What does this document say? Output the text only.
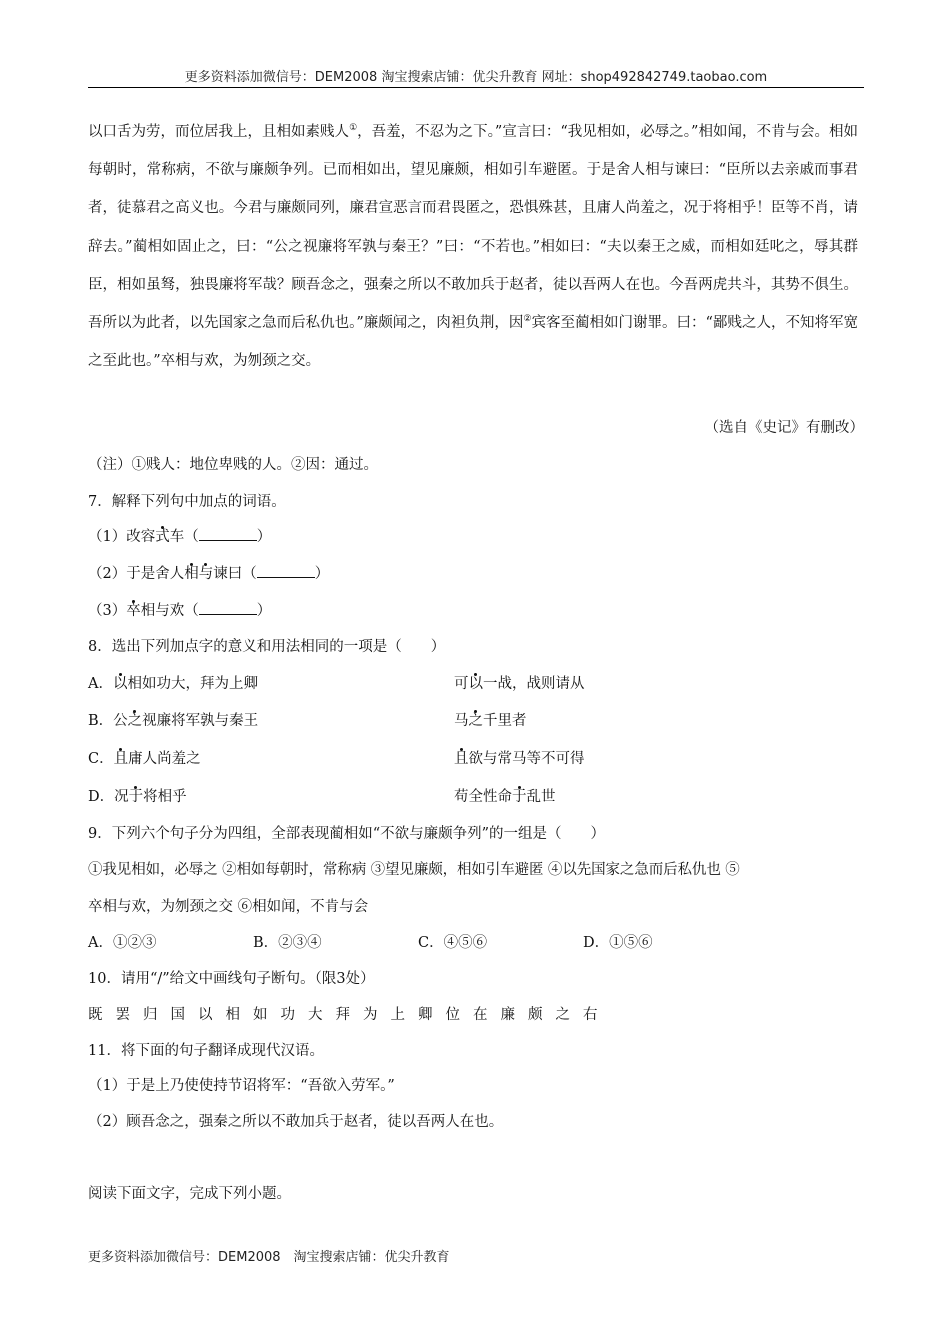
更多资料添加微信号：DEM2008 淘宝搜索店铺：优尖升教育 网址：shop492842749.taobao.com

以口舌为劳，而位居我上，且相如素贱人①，吾羞，不忍为之下。”宣言曰：“我见相如，必辱之。”相如闻，不肯与会。相如每朝时，常称病，不欲与廉颇争列。已而相如出，望见廉颇，相如引车避匿。于是舍人相与谏曰：“臣所以去亲戚而事君者，徒慕君之高义也。今君与廉颇同列，廉君宣恶言而君畏匿之，恐惧殊甚，且庸人尚羞之，况于将相乎！臣等不肖，请辞去。”蔺相如固止之，曰：“公之视廉将军孰与秦王？”曰：“不若也。”相如曰：“夫以秦王之威，而相如廷叱之，辱其群臣，相如虽驽，独畏廉将军哉？顾吾念之，强秦之所以不敢加兵于赵者，徒以吾两人在也。今吾两虎共斗，其势不俱生。吾所以为此者，以先国家之急而后私仇也。”廉颇闻之，肉袒负荆，因②宾客至蔺相如门谢罪。曰：“鄙贱之人，不知将军宽之至此也。”卒相与欢，为刎颈之交。

（选自《史记》有删改）
（注）①贱人：地位卑贱的人。②因：通过。
7．解释下列句中加点的词语。
（1）改容式车（	）
（2）于是舍人相与谏曰（	）
（3）卒相与欢（	）
8．选出下列加点字的意义和用法相同的一项是（　　）
A．以相如功大，拜为上卿	可以一战，战则请从
B．公之视廉将军孰与秦王	马之千里者
C．且庸人尚羞之	且欲与常马等不可得
D．况于将相乎	苟全性命于乱世
9．下列六个句子分为四组，全部表现蔺相如“不欲与廉颇争列”的一组是（　　）
①我见相如，必辱之 ②相如每朝时，常称病 ③望见廉颇，相如引车避匿 ④以先国家之急而后私仇也 ⑤
卒相与欢，为刎颈之交 ⑥相如闻，不肯与会
A．①②③	B．②③④	C．④⑤⑥	D．①⑤⑥
10．请用“/”给文中画线句子断句。（限3处）
既罢归国以相如功大拜为上卿位在廉颇之右
11．将下面的句子翻译成现代汉语。
（1）于是上乃使使持节诏将军：“吾欲入劳军。”
（2）顾吾念之，强秦之所以不敢加兵于赵者，徒以吾两人在也。
阅读下面文字，完成下列小题。
更多资料添加微信号：DEM2008　淘宝搜索店铺：优尖升教育
